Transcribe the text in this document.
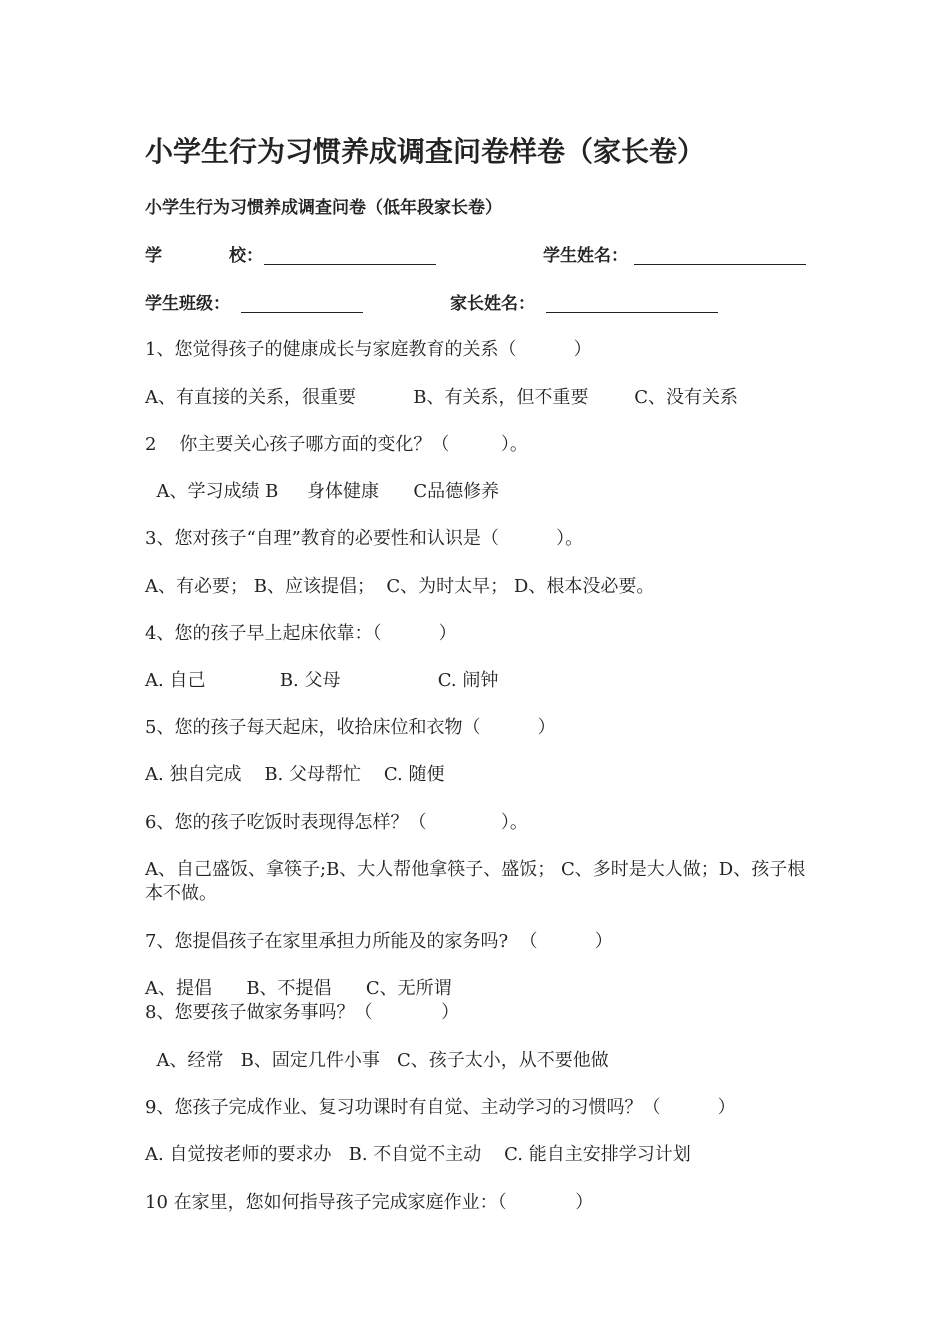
小学生行为习惯养成调查问卷样卷（家长卷）
小学生行为习惯养成调查问卷（低年段家长卷）
学	校：	学生姓名：
学生班级：	家长姓名：
1、您觉得孩子的健康成长与家庭教育的关系（          ）
A、有直接的关系，很重要          B、有关系，但不重要        C、没有关系
2    你主要关心孩子哪方面的变化？（         ）。
A、学习成绩 B     身体健康      C品德修养
3、您对孩子“自理”教育的必要性和认识是（          ）。
A、有必要； B、应该提倡；  C、为时太早； D、根本没必要。
4、您的孩子早上起床依靠：（          ）
A. 自己             B. 父母                 C. 闹钟
5、您的孩子每天起床，收拾床位和衣物（          ）
A. 独自完成    B. 父母帮忙    C. 随便
6、您的孩子吃饭时表现得怎样？（             ）。
A、自己盛饭、拿筷子;B、大人帮他拿筷子、盛饭； C、多时是大人做；D、孩子根本不做。
7、您提倡孩子在家里承担力所能及的家务吗?  （          ）
A、提倡      B、不提倡      C、无所谓
8、您要孩子做家务事吗？（            ）
A、经常   B、固定几件小事   C、孩子太小，从不要他做
9、您孩子完成作业、复习功课时有自觉、主动学习的习惯吗？（          ）
A. 自觉按老师的要求办   B. 不自觉不主动    C. 能自主安排学习计划
10 在家里，您如何指导孩子完成家庭作业：（            ）
